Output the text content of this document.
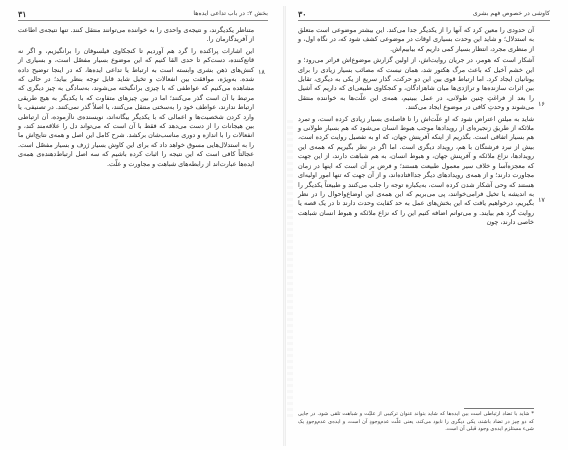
۳۱	بخش ۲: در باب تداعی ایده‌ها

متناظر یکدیگرند، و نتیجه‌ی واحدی را به خواننده می‌توانند منتقل کنند. تنها نتیجه‌ی اطاعت از آفریدگارمان را.

این اشارات پراکنده را گرد هم آوردیم تا کنجکاوی فیلسوفان را برانگیزیم، و اگر نه قانع‌کننده، دست‌کم تا حدی القا کنیم که این موضوع بسیار مفصّل است، و بسیاری از کنش‌های ذهن بشری وابسته است به ارتباط یا تداعی ایده‌ها، که در اینجا توضیح داده شده. به‌ویژه، موافقت بین انفعالات و تخیل شاید قابل توجه بنظر بیاید؛ در حالی که مشاهده می‌کنیم که عواطفی که با چیزی برانگیخته می‌شوند، به‌سادگی به چیز دیگری که مرتبط با آن است گذر می‌کنند؛ اما در بین چیزهای متفاوت که با یکدیگر به هیچ طریقی ارتباط ندارند، عواطف خود را به‌سختی منتقل می‌کنند، یا اصلاً گذر نمی‌کنند. در تصنیفی، یا وارد کردن شخصیت‌ها و اعمالی که با یکدیگر بیگانه‌اند، نویسنده‌ی ناآزموده، آن ارتباطی بین هیجانات را از دست می‌دهد که فقط با آن است که می‌تواند دل را علاقه‌مند کند، و انفعالات را با اندازه و دوری مناسب‌شان برکشد. شرح کامل این اصل و همه‌ی نتایج‌اش ما را به استدلال‌هایی مسوق خواهد داد که برای این کاوش بسیار ژرف و بسیار مفصّل است. عجالتاً کافی است که این نتیجه را اثبات کرده باشیم که سه اصل ارتباط‌دهنده‌ی همه‌ی ایده‌ها عبارت‌اند از رابطه‌های شباهت و مجاورت و علّت.

۱۸
۳۰	کاوشی در خصوص فهم بشری

آن حدودی را معین کرد که آنها را از یکدیگر جدا می‌کند. این بیشتر موضوعی است متعلق به استدلال؛ و شاید این وحدت بسیاری اوقات در موضوعی کشف شود که، در نگاه اول، و از منظری مجرد، انتظار بسیار کمی داریم که بیابیم‌اش.

آشکار است که هومر، در جریان روایت‌اش، از اولین گزارش موضوع‌اش فراتر می‌رود؛ و این خشم آخیل که باعث مرگ هکتور شد، همان نیست که مصائب بسیار زیادی را برای یونانیان ایجاد کرد. اما ارتباط قوی بین این دو حرکت، گذار سریع از یکی به دیگری، تقابل بین اثرات سازنده‌ها و تراژدی‌ها میان شاهزادگان، و کنجکاوی طبیعی‌ای که داریم که آشیل را بعد از فراغتِ چنین طولانی، در عمل ببینیم، همه‌ی این علّت‌ها به خواننده منتقل می‌شوند و وحدتِ کافی در موضوع ایجاد می‌کنند.

شاید به میلتن اعتراض شود که او علّت‌اش را تا فاصله‌ی بسیار زیادی کرده است، و تمرد ملائکه از طریق زنجیره‌ای از رویدادها موجب هبوط انسان می‌شود که هم بسیار طولانی و هم بسیار اتفاقی است. بگذریم از اینکه آفرینش جهان، که او به تفصیل روایت کرده است، بیش از نبرد فرشتگان با هم، رویداد دیگری است. اما اگر در نظر بگیریم که همه‌ی این رویدادها، نزاع ملائکه و آفرینش جهان، و هبوط انسان، به هم شباهت دارند، از این جهت که معجزه‌آسا و خلاف سیر معمول طبیعت هستند؛ و فرض بر آن است که اینها در زمان مجاورت دارند؛ و از همه‌ی رویدادهای دیگر جداافتاده‌اند، و از آن جهت که تنها امور اولیه‌ای هستند که وحی آشکار شدن کرده است، به‌یکباره توجه را جلب می‌کنند و طبیعتاً یکدیگر را به اندیشه یا تخیل فرامی‌خوانند، پی می‌بریم که این همه‌ی این اوضاع‌واحوال را در نظر بگیریم، درخواهیم یافت که این بخش‌های عمل به حد کفایت وحدت دارند تا در یک قصه یا روایت گرد هم بیایند. و می‌توانم اضافه کنیم این را که نزاع ملائکه و هبوط انسان شباهت خاصی دارند، چون

۱۶
۱۷
* شاید با تضاد ارتباطی است بین ایده‌ها که شاید بتواند عنوان ترکیبی از علیّت و شباهت تلقی شود. در جایی که دو چیز در تضاد باشند، یکی دیگری را نابود می‌کند، یعنی علّت عدم‌وجودِ آن است، و ایده‌ی عدم‌وجودِ یک شیء مستلزم ایده‌ی وجود قبلی آن است.
